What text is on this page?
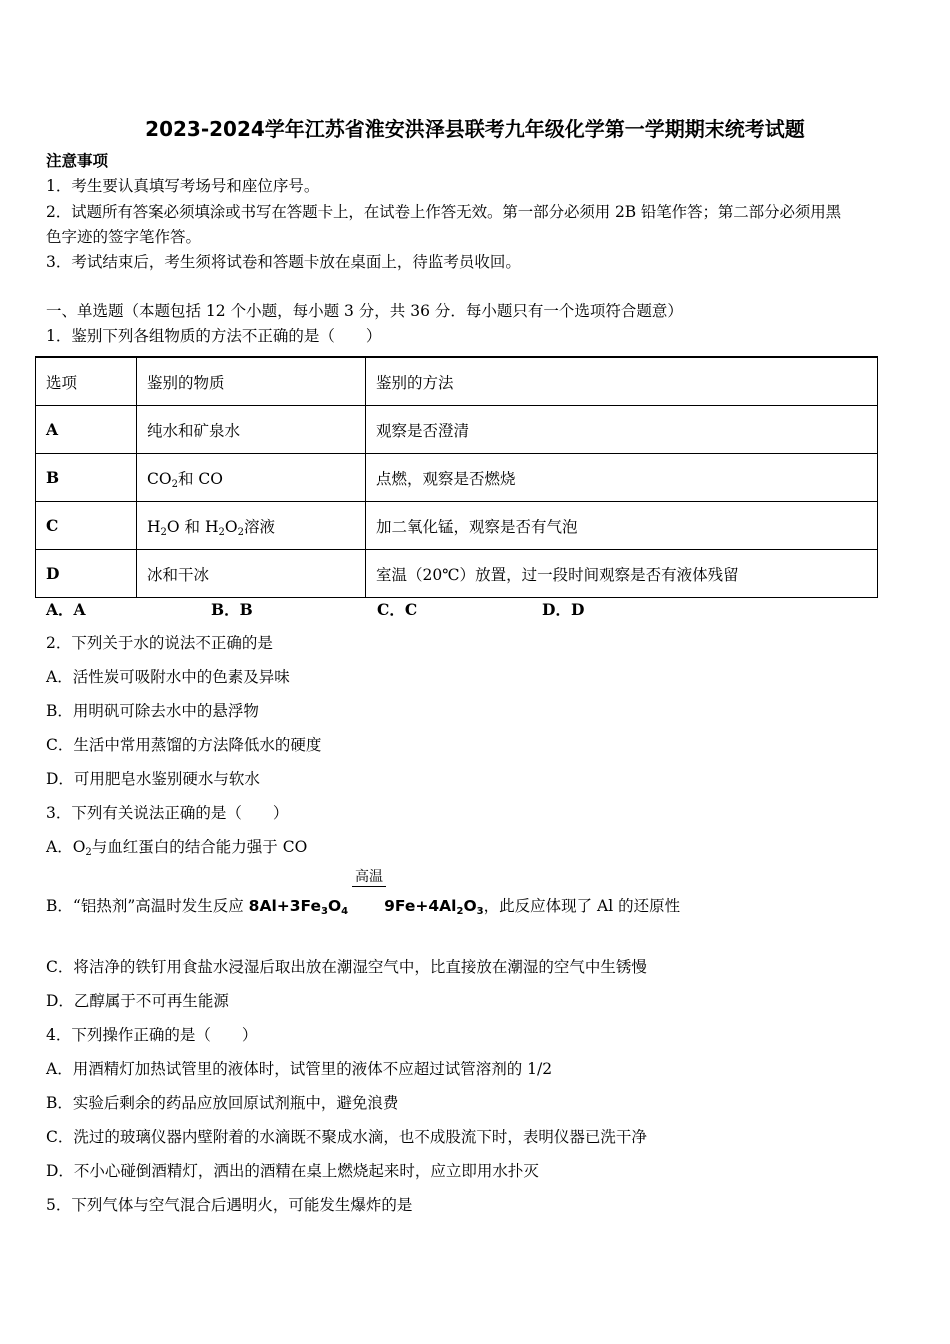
2023-2024学年江苏省淮安洪泽县联考九年级化学第一学期期末统考试题
注意事项
1．考生要认真填写考场号和座位序号。
2．试题所有答案必须填涂或书写在答题卡上，在试卷上作答无效。第一部分必须用 2B 铅笔作答；第二部分必须用黑
色字迹的签字笔作答。
3．考试结束后，考生须将试卷和答题卡放在桌面上，待监考员收回。
一、单选题（本题包括 12 个小题，每小题 3 分，共 36 分．每小题只有一个选项符合题意）
1．鉴别下列各组物质的方法不正确的是（　　）
选项	鉴别的物质	鉴别的方法
A	纯水和矿泉水	观察是否澄清
B	$CO_2$和 CO	点燃，观察是否燃烧
C	$H_2O$ 和 $H_2O_2$溶液	加二氧化锰，观察是否有气泡
D	冰和干冰	室温（20℃）放置，过一段时间观察是否有液体残留
A．A	B．B	C．C	D．D
2．下列关于水的说法不正确的是
A．活性炭可吸附水中的色素及异味
B．用明矾可除去水中的悬浮物
C．生活中常用蒸馏的方法降低水的硬度
D．可用肥皂水鉴别硬水与软水
3．下列有关说法正确的是（　　）
A．$O_2$与血红蛋白的结合能力强于 CO
高温
B．“铝热剂”高温时发生反应 $8Al+3Fe_3O_4$ $9Fe+4Al_2O_3$，此反应体现了 Al 的还原性
C．将洁净的铁钉用食盐水浸湿后取出放在潮湿空气中，比直接放在潮湿的空气中生锈慢
D．乙醇属于不可再生能源
4．下列操作正确的是（　　）
A．用酒精灯加热试管里的液体时，试管里的液体不应超过试管溶剂的 1/2
B．实验后剩余的药品应放回原试剂瓶中，避免浪费
C．洗过的玻璃仪器内壁附着的水滴既不聚成水滴，也不成股流下时，表明仪器已洗干净
D．不小心碰倒酒精灯，洒出的酒精在桌上燃烧起来时，应立即用水扑灭
5．下列气体与空气混合后遇明火，可能发生爆炸的是
